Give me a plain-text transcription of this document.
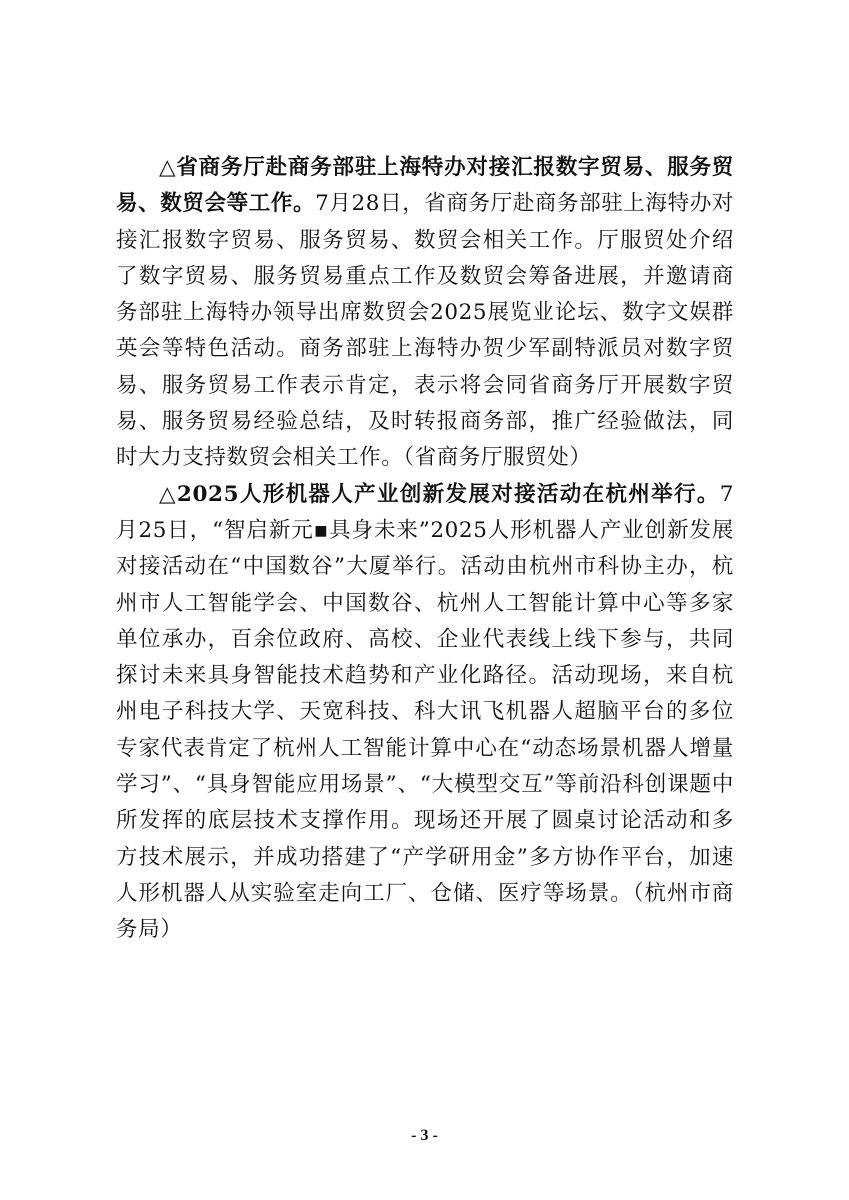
△省商务厅赴商务部驻上海特办对接汇报数字贸易、服务贸易、数贸会等工作。7月28日，省商务厅赴商务部驻上海特办对接汇报数字贸易、服务贸易、数贸会相关工作。厅服贸处介绍了数字贸易、服务贸易重点工作及数贸会筹备进展，并邀请商务部驻上海特办领导出席数贸会2025展览业论坛、数字文娱群英会等特色活动。商务部驻上海特办贺少军副特派员对数字贸易、服务贸易工作表示肯定，表示将会同省商务厅开展数字贸易、服务贸易经验总结，及时转报商务部，推广经验做法，同时大力支持数贸会相关工作。（省商务厅服贸处）

△2025人形机器人产业创新发展对接活动在杭州举行。7月25日，“智启新元▪具身未来”2025人形机器人产业创新发展对接活动在“中国数谷”大厦举行。活动由杭州市科协主办，杭州市人工智能学会、中国数谷、杭州人工智能计算中心等多家单位承办，百余位政府、高校、企业代表线上线下参与，共同探讨未来具身智能技术趋势和产业化路径。活动现场，来自杭州电子科技大学、天宽科技、科大讯飞机器人超脑平台的多位专家代表肯定了杭州人工智能计算中心在“动态场景机器人增量学习”、“具身智能应用场景”、“大模型交互”等前沿科创课题中所发挥的底层技术支撑作用。现场还开展了圆桌讨论活动和多方技术展示，并成功搭建了“产学研用金”多方协作平台，加速人形机器人从实验室走向工厂、仓储、医疗等场景。（杭州市商务局）

- 3 -
